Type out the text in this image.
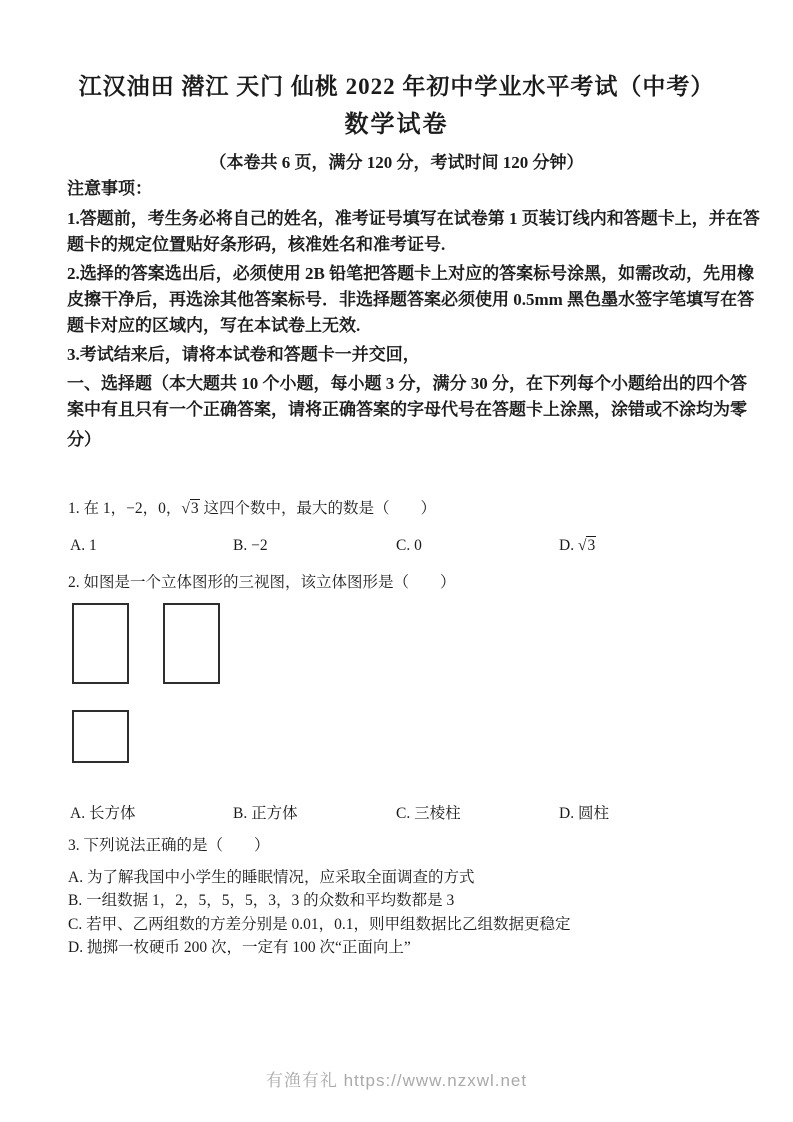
江汉油田 潜江 天门 仙桃 2022 年初中学业水平考试（中考）
数学试卷
（本卷共 6 页，满分 120 分，考试时间 120 分钟）
注意事项：
1.答题前，考生务必将自己的姓名，准考证号填写在试卷第 1 页装订线内和答题卡上，并在答
题卡的规定位置贴好条形码，核准姓名和准考证号.
2.选择的答案选出后，必须使用 2B 铅笔把答题卡上对应的答案标号涂黑，如需改动，先用橡
皮擦干净后，再选涂其他答案标号．非选择题答案必须使用 0.5mm 黑色墨水签字笔填写在答
题卡对应的区域内，写在本试卷上无效.
3.考试结来后，请将本试卷和答题卡一并交回，
一、选择题（本大题共 10 个小题，每小题 3 分，满分 30 分，在下列每个小题给出的四个答
案中有且只有一个正确答案，请将正确答案的字母代号在答题卡上涂黑，涂错或不涂均为零
分）
1. 在 1，−2，0，√3 这四个数中，最大的数是（　　）
A. 1	B. −2	C. 0	D. √3
2. 如图是一个立体图形的三视图，该立体图形是（　　）
A. 长方体	B. 正方体	C. 三棱柱	D. 圆柱
3. 下列说法正确的是（　　）
A. 为了解我国中小学生的睡眠情况，应采取全面调查的方式
B. 一组数据 1，2，5，5，5，3，3 的众数和平均数都是 3
C. 若甲、乙两组数的方差分别是 0.01，0.1，则甲组数据比乙组数据更稳定
D. 抛掷一枚硬币 200 次，一定有 100 次“正面向上”
有渔有礼 https://www.nzxwl.net
